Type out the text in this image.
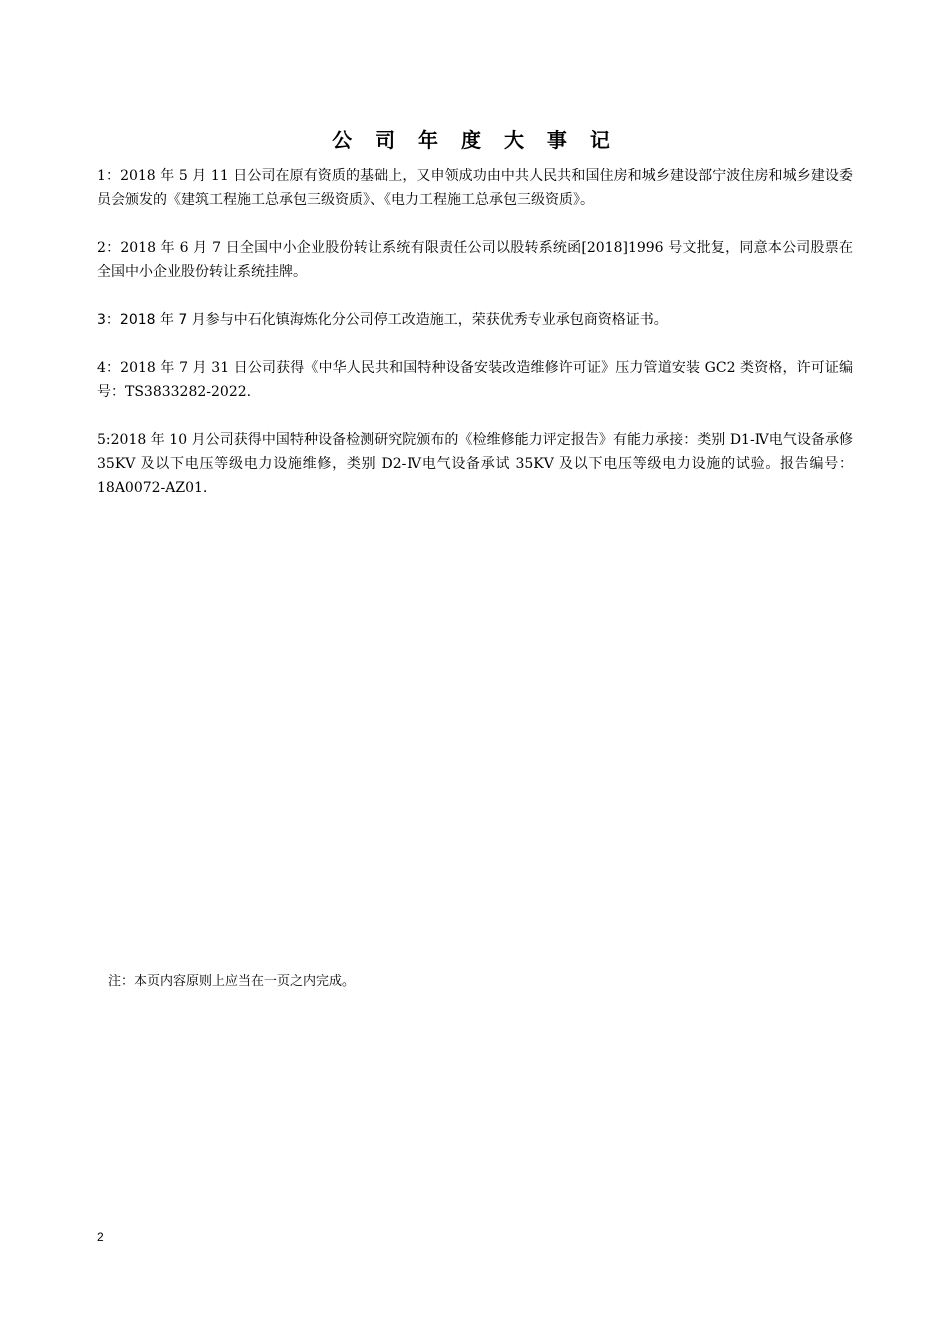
公 司 年 度 大 事 记

1：2018 年 5 月 11 日公司在原有资质的基础上，又申领成功由中共人民共和国住房和城乡建设部宁波住房和城乡建设委员会颁发的《建筑工程施工总承包三级资质》、《电力工程施工总承包三级资质》。

2：2018 年 6 月 7 日全国中小企业股份转让系统有限责任公司以股转系统函[2018]1996 号文批复，同意本公司股票在全国中小企业股份转让系统挂牌。

3：2018 年 7 月参与中石化镇海炼化分公司停工改造施工，荣获优秀专业承包商资格证书。

4：2018 年 7 月 31 日公司获得《中华人民共和国特种设备安装改造维修许可证》压力管道安装 GC2 类资格，许可证编号：TS3833282-2022.

5:2018 年 10 月公司获得中国特种设备检测研究院颁布的《检维修能力评定报告》有能力承接：类别 D1-Ⅳ电气设备承修 35KV 及以下电压等级电力设施维修，类别 D2-Ⅳ电气设备承试 35KV 及以下电压等级电力设施的试验。报告编号：18A0072-AZ01.

注：本页内容原则上应当在一页之内完成。
2
